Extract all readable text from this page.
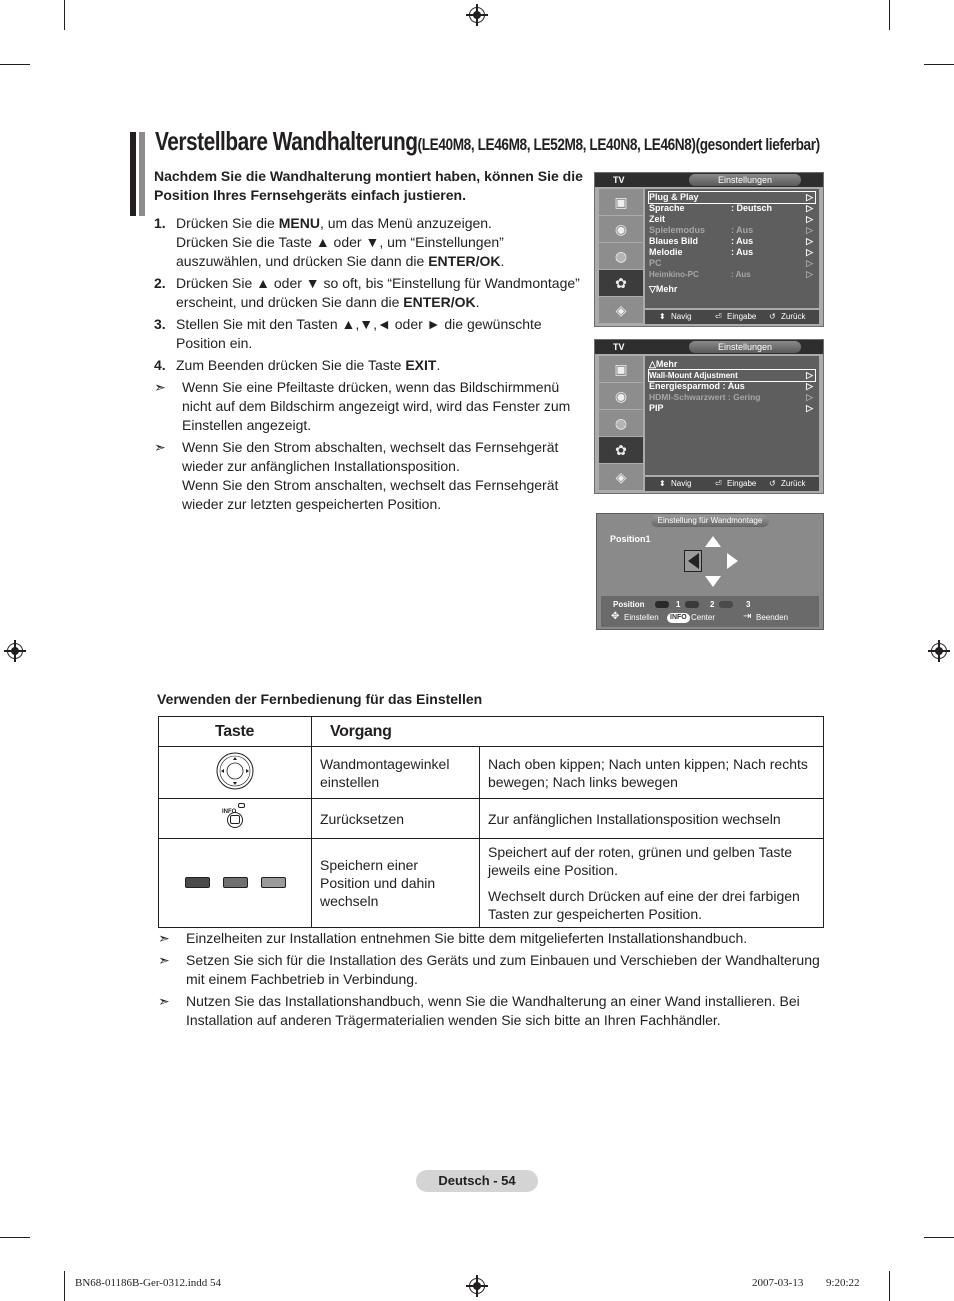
Verstellbare Wandhalterung(LE40M8, LE46M8, LE52M8, LE40N8, LE46N8)(gesondert lieferbar)
Nachdem Sie die Wandhalterung montiert haben, können Sie die Position Ihres Fernsehgeräts einfach justieren.
1. Drücken Sie die MENU, um das Menü anzuzeigen.
Drücken Sie die Taste ▲ oder ▼, um “Einstellungen” auszuwählen, und drücken Sie dann die ENTER/OK.
2. Drücken Sie ▲ oder ▼ so oft, bis “Einstellung für Wandmontage” erscheint, und drücken Sie dann die ENTER/OK.
3. Stellen Sie mit den Tasten ▲,▼,◄ oder ► die gewünschte Position ein.
4. Zum Beenden drücken Sie die Taste EXIT.
➣ Wenn Sie eine Pfeiltaste drücken, wenn das Bildschirmmenü nicht auf dem Bildschirm angezeigt wird, wird das Fenster zum Einstellen angezeigt.
➣ Wenn Sie den Strom abschalten, wechselt das Fernsehgerät wieder zur anfänglichen Installationsposition.
Wenn Sie den Strom anschalten, wechselt das Fernsehgerät wieder zur letzten gespeicherten Position.
TV	Einstellungen
▣
◉
◍
✿
◈
Plug & Play	▷
Sprache	: Deutsch	▷
Zeit	▷
Spielemodus	: Aus	▷
Blaues Bild	: Aus	▷
Melodie	: Aus	▷
PC	▷
Heimkino-PC	: Aus	▷
▽Mehr
⬍ Navig	⏎ Eingabe ↺ Zurück
TV	Einstellungen
▣
◉
◍
✿
◈
△Mehr
Wall-Mount Adjustment	▷
Energiesparmod : Aus	▷
HDMI-Schwarzwert : Gering	▷
PIP	▷
⬍ Navig	⏎ Eingabe ↺ Zurück
Einstellung für Wandmontage
Position1
Position	1	2	3
✥ Einstellen	INFO Center	⇥ Beenden
Verwenden der Fernbedienung für das Einstellen
Taste	Vorgang	
	Wandmontagewinkel einstellen	Nach oben kippen; Nach unten kippen; Nach rechts bewegen; Nach links bewegen

INFO	Zurücksetzen	Zur anfänglichen Installationsposition wechseln

	Speichern einer Position und dahin wechseln	Speichert auf der roten, grünen und gelben Taste jeweils eine Position.
Wechselt durch Drücken auf eine der drei farbigen Tasten zur gespeicherten Position.
➣ Einzelheiten zur Installation entnehmen Sie bitte dem mitgelieferten Installationshandbuch.
➣ Setzen Sie sich für die Installation des Geräts und zum Einbauen und Verschieben der Wandhalterung mit einem Fachbetrieb in Verbindung.
➣ Nutzen Sie das Installationshandbuch, wenn Sie die Wandhalterung an einer Wand installieren. Bei Installation auf anderen Trägermaterialien wenden Sie sich bitte an Ihren Fachhändler.
Deutsch - 54
BN68-01186B-Ger-0312.indd 54	2007-03-13 ￿￿ 9:20:22
